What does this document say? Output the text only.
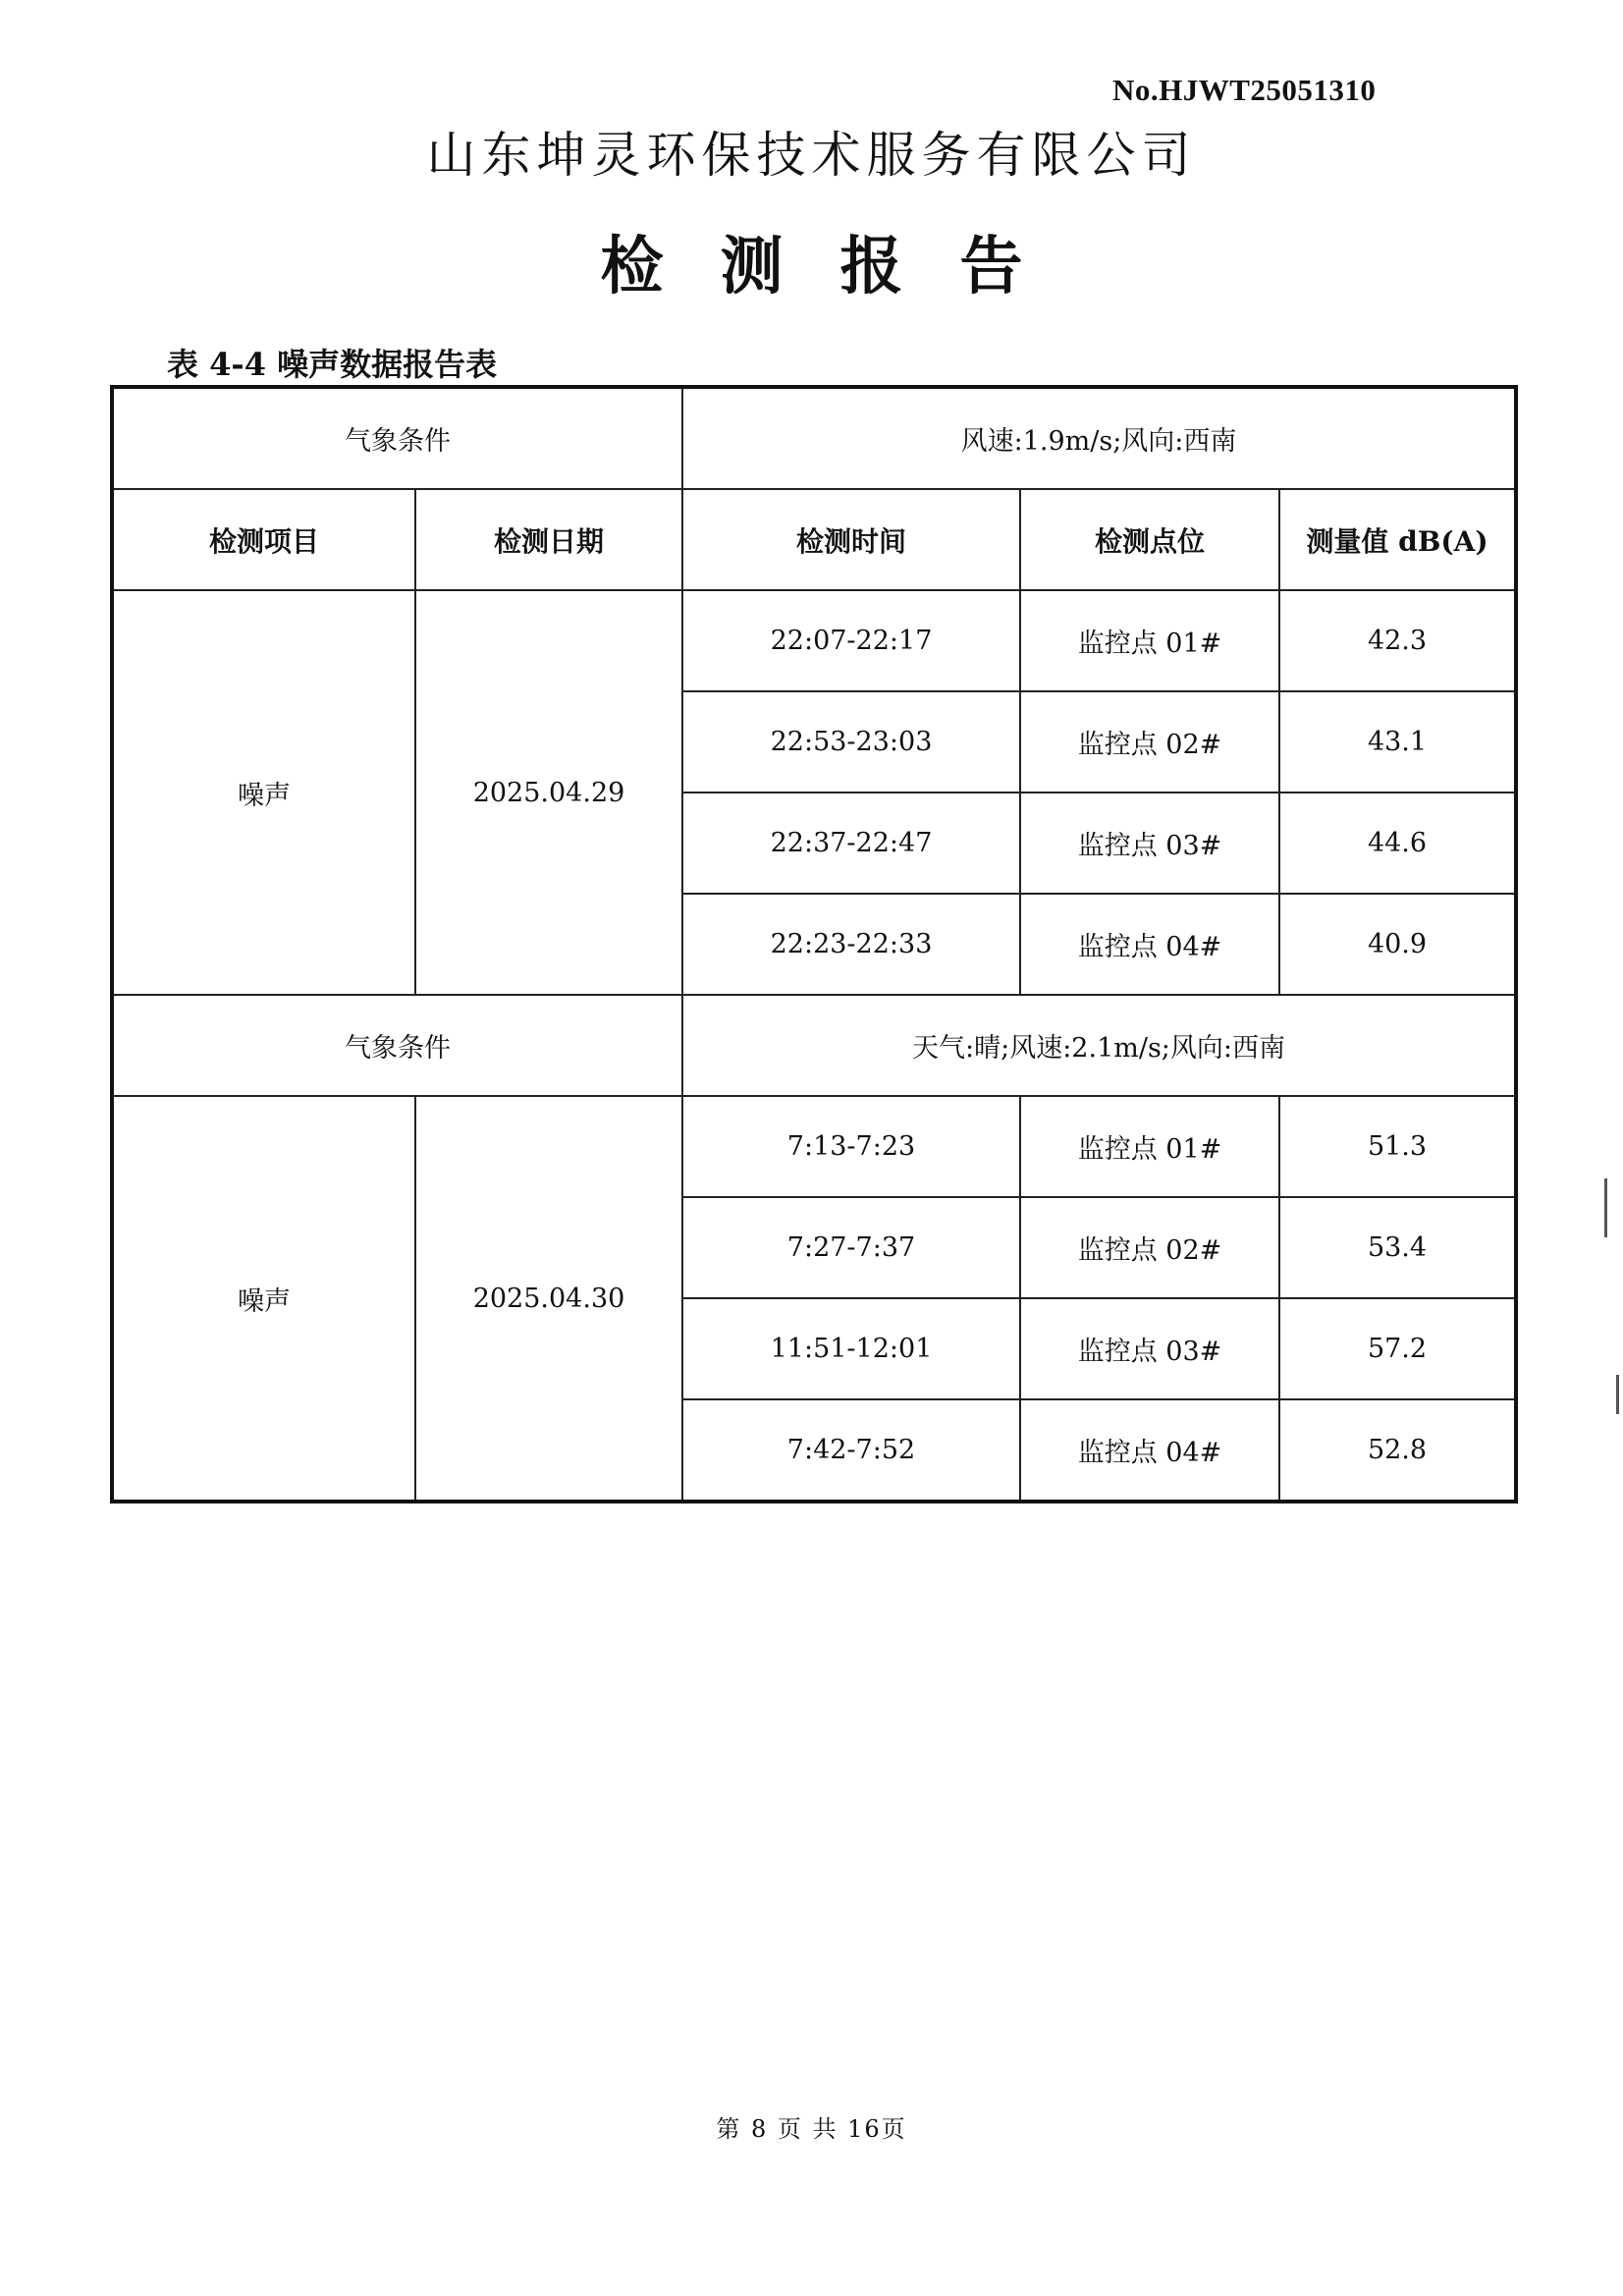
No.HJWT25051310
山东坤灵环保技术服务有限公司
检测报告
表 4-4 噪声数据报告表
气象条件		风速:1.9m/s;风向:西南		
检测项目	检测日期	检测时间	检测点位	测量值 dB(A)
噪声	2025.04.29	22:07-22:17	监控点 01#	42.3
		22:53-23:03	监控点 02#	43.1
		22:37-22:47	监控点 03#	44.6
		22:23-22:33	监控点 04#	40.9
气象条件		天气:晴;风速:2.1m/s;风向:西南		
噪声	2025.04.30	7:13-7:23	监控点 01#	51.3
		7:27-7:37	监控点 02#	53.4
		11:51-12:01	监控点 03#	57.2
		7:42-7:52	监控点 04#	52.8
第 8 页 共 16页
